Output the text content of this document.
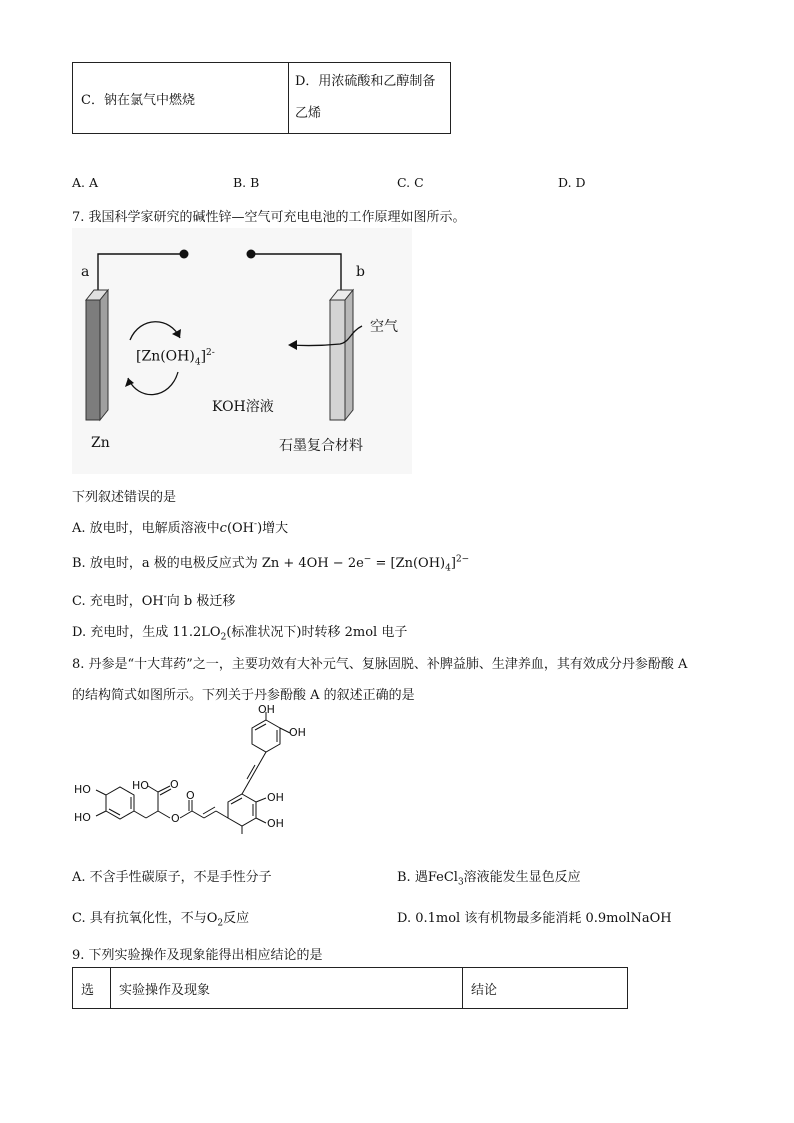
C．钠在氯气中燃烧	D．用浓硫酸和乙醇制备
乙烯
A. A	B. B	C. C	D. D
7. 我国科学家研究的碱性锌—空气可充电电池的工作原理如图所示。
a	b
空气
$[Zn(OH)_4]^{2-}$
KOH溶液
Zn	石墨复合材料
下列叙述错误的是
A. 放电时，电解质溶液中c(OH-)增大
B. 放电时，a 极的电极反应式为 $Zn + 4OH - 2e^- = [Zn(OH)_4]^{2-}$
C. 充电时，OH-向 b 极迁移
D. 充电时，生成 $11.2LO_2$(标准状况下)时转移 2mol 电子
8. 丹参是“十大茸药”之一，主要功效有大补元气、复脉固脱、补脾益肺、生津养血，其有效成分丹参酚酸 A
的结构简式如图所示。下列关于丹参酚酸 A 的叙述正确的是
OH
OH
HO
HO
HO
O
O
O	OH
OH
A. 不含手性碳原子，不是手性分子	B. 遇FeCl$_3$溶液能发生显色反应
C. 具有抗氧化性，不与$O_2$反应	D. 0.1mol 该有机物最多能消耗 0.9molNaOH
9. 下列实验操作及现象能得出相应结论的是
选	实验操作及现象	结论
